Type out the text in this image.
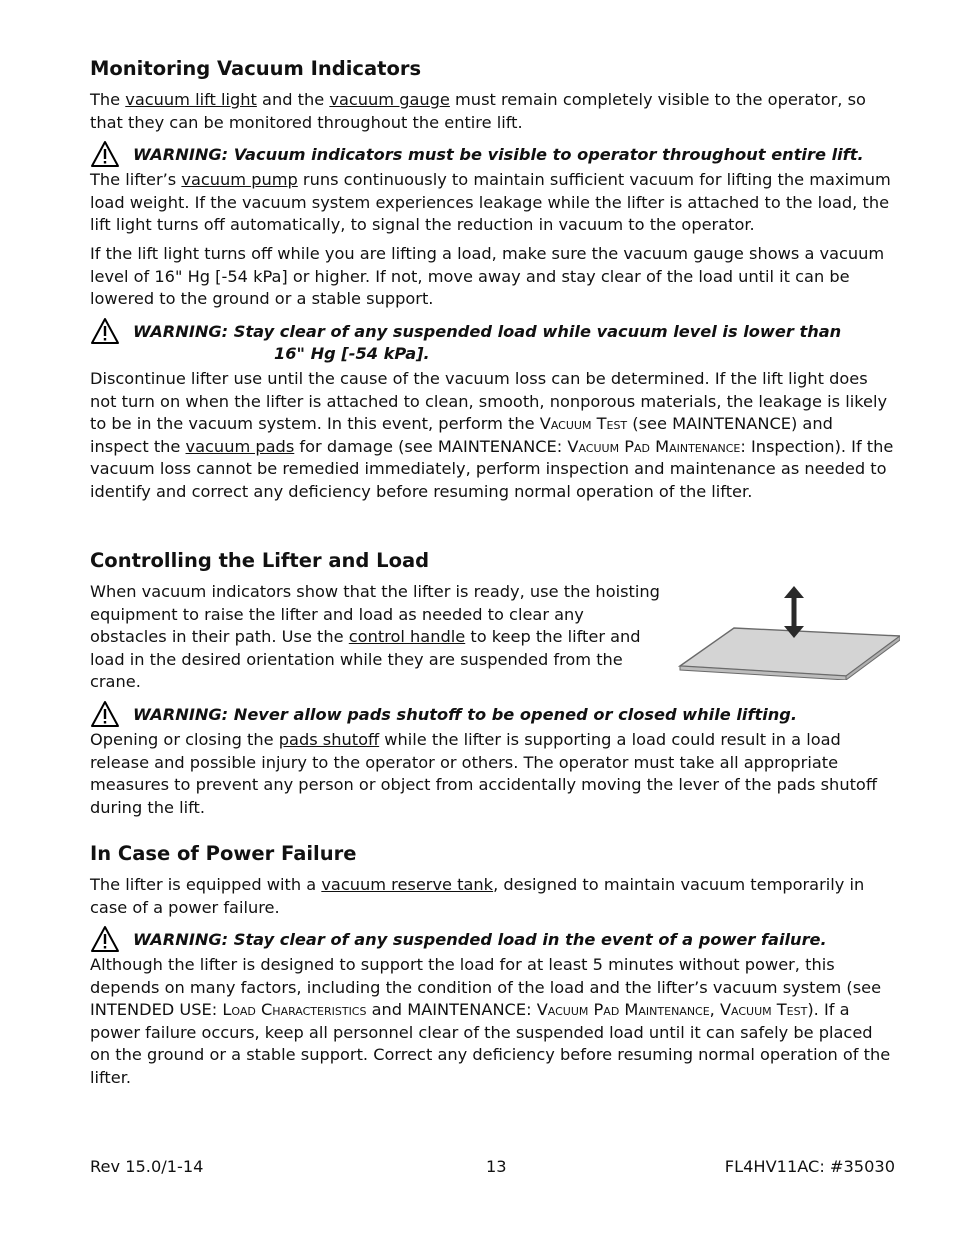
Monitoring Vacuum Indicators

The vacuum lift light and the vacuum gauge must remain completely visible to the operator, so that they can be monitored throughout the entire lift.

WARNING: Vacuum indicators must be visible to operator throughout entire lift.

The lifter’s vacuum pump runs continuously to maintain sufficient vacuum for lifting the maximum load weight. If the vacuum system experiences leakage while the lifter is attached to the load, the lift light turns off automatically, to signal the reduction in vacuum to the operator.

If the lift light turns off while you are lifting a load, make sure the vacuum gauge shows a vacuum level of 16" Hg [-54 kPa] or higher. If not, move away and stay clear of the load until it can be lowered to the ground or a stable support.

WARNING: Stay clear of any suspended load while vacuum level is lower than
16" Hg [-54 kPa].

Discontinue lifter use until the cause of the vacuum loss can be determined. If the lift light does not turn on when the lifter is attached to clean, smooth, nonporous materials, the leakage is likely to be in the vacuum system. In this event, perform the Vacuum Test (see MAINTENANCE) and inspect the vacuum pads for damage (see MAINTENANCE: Vacuum Pad Maintenance: Inspection). If the vacuum loss cannot be remedied immediately, perform inspection and maintenance as needed to identify and correct any deficiency before resuming normal operation of the lifter.

Controlling the Lifter and Load

When vacuum indicators show that the lifter is ready, use the hoisting equipment to raise the lifter and load as needed to clear any obstacles in their path. Use the control handle to keep the lifter and load in the desired orientation while they are suspended from the crane.

WARNING: Never allow pads shutoff to be opened or closed while lifting.

Opening or closing the pads shutoff while the lifter is supporting a load could result in a load release and possible injury to the operator or others. The operator must take all appropriate measures to prevent any person or object from accidentally moving the lever of the pads shutoff during the lift.

In Case of Power Failure

The lifter is equipped with a vacuum reserve tank, designed to maintain vacuum temporarily in case of a power failure.

WARNING: Stay clear of any suspended load in the event of a power failure.

Although the lifter is designed to support the load for at least 5 minutes without power, this depends on many factors, including the condition of the load and the lifter’s vacuum system (see INTENDED USE: Load Characteristics and MAINTENANCE: Vacuum Pad Maintenance, Vacuum Test). If a power failure occurs, keep all personnel clear of the suspended load until it can safely be placed on the ground or a stable support. Correct any deficiency before resuming normal operation of the lifter.

Rev 15.0/1-14	13	FL4HV11AC: #35030
